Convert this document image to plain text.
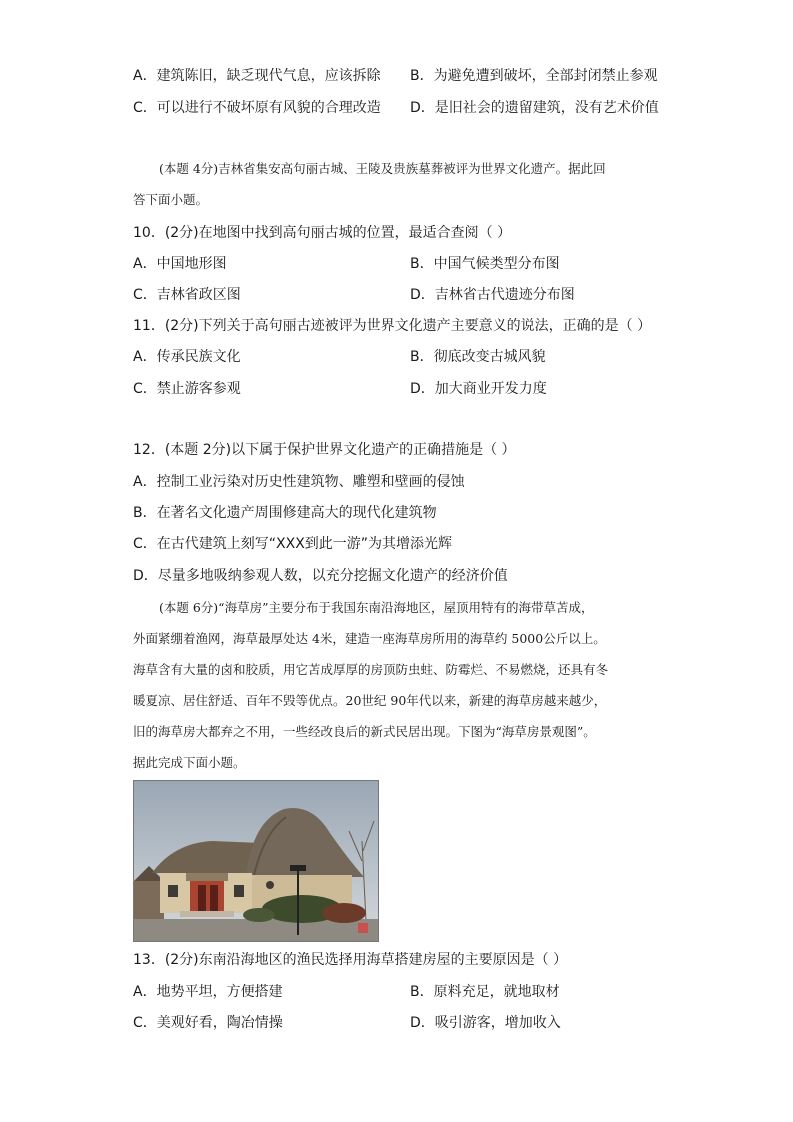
A．建筑陈旧，缺乏现代气息，应该拆除 B．为避免遭到破坏，全部封闭禁止参观
C．可以进行不破坏原有风貌的合理改造 D．是旧社会的遗留建筑，没有艺术价值
(本题 4分)吉林省集安高句丽古城、王陵及贵族墓葬被评为世界文化遗产。据此回
答下面小题。
10．(2分)在地图中找到高句丽古城的位置，最适合查阅（ ）
A．中国地形图	B．中国气候类型分布图
C．吉林省政区图	D．吉林省古代遗迹分布图
11．(2分)下列关于高句丽古迹被评为世界文化遗产主要意义的说法，正确的是（ ）
A．传承民族文化	B．彻底改变古城风貌
C．禁止游客参观	D．加大商业开发力度
12．(本题 2分)以下属于保护世界文化遗产的正确措施是（ ）
A．控制工业污染对历史性建筑物、雕塑和壁画的侵蚀
B．在著名文化遗产周围修建高大的现代化建筑物
C．在古代建筑上刻写“XXX到此一游”为其增添光辉
D．尽量多地吸纳参观人数，以充分挖掘文化遗产的经济价值
(本题 6分)“海草房”主要分布于我国东南沿海地区，屋顶用特有的海带草苫成，
外面紧绷着渔网，海草最厚处达 4米，建造一座海草房所用的海草约 5000公斤以上。
海草含有大量的卤和胶质，用它苫成厚厚的房顶防虫蛀、防霉烂、不易燃烧，还具有冬
暖夏凉、居住舒适、百年不毁等优点。20世纪 90年代以来，新建的海草房越来越少，
旧的海草房大都弃之不用，一些经改良后的新式民居出现。下图为“海草房景观图”。
据此完成下面小题。
13．(2分)东南沿海地区的渔民选择用海草搭建房屋的主要原因是（ ）
A．地势平坦，方便搭建	B．原料充足，就地取材
C．美观好看，陶冶情操	D．吸引游客，增加收入
